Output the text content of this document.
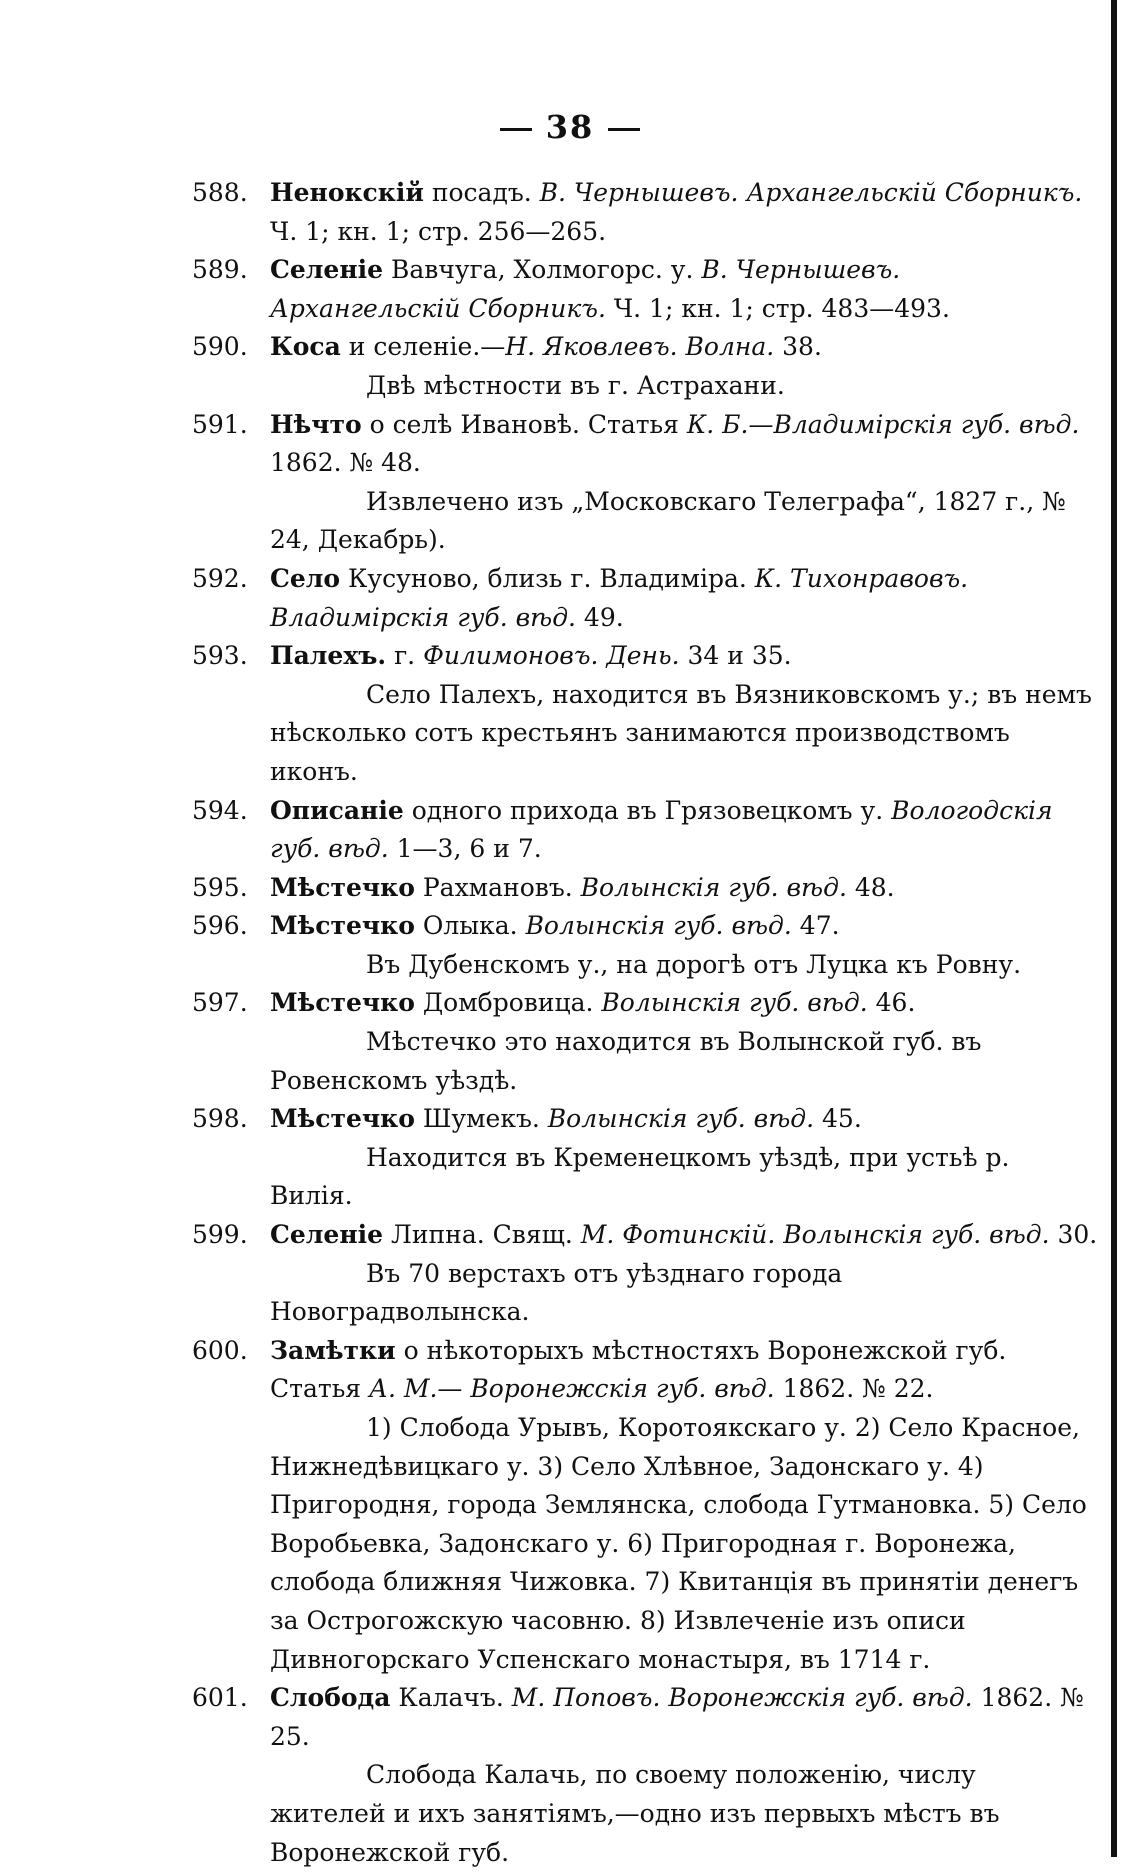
38
588. Ненокскій посадъ. В. Чернышевъ. Архангельскій Сборникъ. Ч. 1; кн. 1; стр. 256—265.
589. Селеніе Вавчуга, Холмогорс. у. В. Чернышевъ. Архангельскій Сборникъ. Ч. 1; кн. 1; стр. 483—493.
590. Коса и селеніе.—Н. Яковлевъ. Волна. 38.
Двѣ мѣстности въ г. Астрахани.
591. Нѣчто о селѣ Ивановѣ. Статья К. Б.—Владимірскія губ. вѣд. 1862. № 48.
Извлечено изъ „Московскаго Телеграфа“, 1827 г., № 24, Декабрь).
592. Село Кусуново, близь г. Владиміра. К. Тихонравовъ. Владимірскія губ. вѣд. 49.
593. Палехъ. г. Филимоновъ. День. 34 и 35.
Село Палехъ, находится въ Вязниковскомъ у.; въ немъ нѣсколько сотъ крестьянъ занимаются производствомъ иконъ.
594. Описаніе одного прихода въ Грязовецкомъ у. Вологодскія губ. вѣд. 1—3, 6 и 7.
595. Мѣстечко Рахмановъ. Волынскія губ. вѣд. 48.
596. Мѣстечко Олыка. Волынскія губ. вѣд. 47.
Въ Дубенскомъ у., на дорогѣ отъ Луцка къ Ровну.
597. Мѣстечко Домбровица. Волынскія губ. вѣд. 46.
Мѣстечко это находится въ Волынской губ. въ Ровенскомъ уѣздѣ.
598. Мѣстечко Шумекъ. Волынскія губ. вѣд. 45.
Находится въ Кременецкомъ уѣздѣ, при устьѣ р. Вилія.
599. Селеніе Липна. Свящ. М. Фотинскій. Волынскія губ. вѣд. 30.
Въ 70 верстахъ отъ уѣзднаго города Новоградволынска.
600. Замѣтки о нѣкоторыхъ мѣстностяхъ Воронежской губ. Статья А. М.— Воронежскія губ. вѣд. 1862. № 22.
1) Слобода Урывъ, Коротоякскаго у. 2) Село Красное, Нижнедѣвицкаго у. 3) Село Хлѣвное, Задонскаго у. 4) Пригородня, города Землянска, слобода Гутмановка. 5) Село Воробьевка, Задонскаго у. 6) Пригородная г. Воронежа, слобода ближняя Чижовка. 7) Квитанція въ принятіи денегъ за Острогожскую часовню. 8) Извлеченіе изъ описи Дивногорскаго Успенскаго монастыря, въ 1714 г.
601. Слобода Калачъ. М. Поповъ. Воронежскія губ. вѣд. 1862. № 25.
Слобода Калачь, по своему положенію, числу жителей и ихъ занятіямъ,—одно изъ первыхъ мѣстъ въ Воронежской губ.
